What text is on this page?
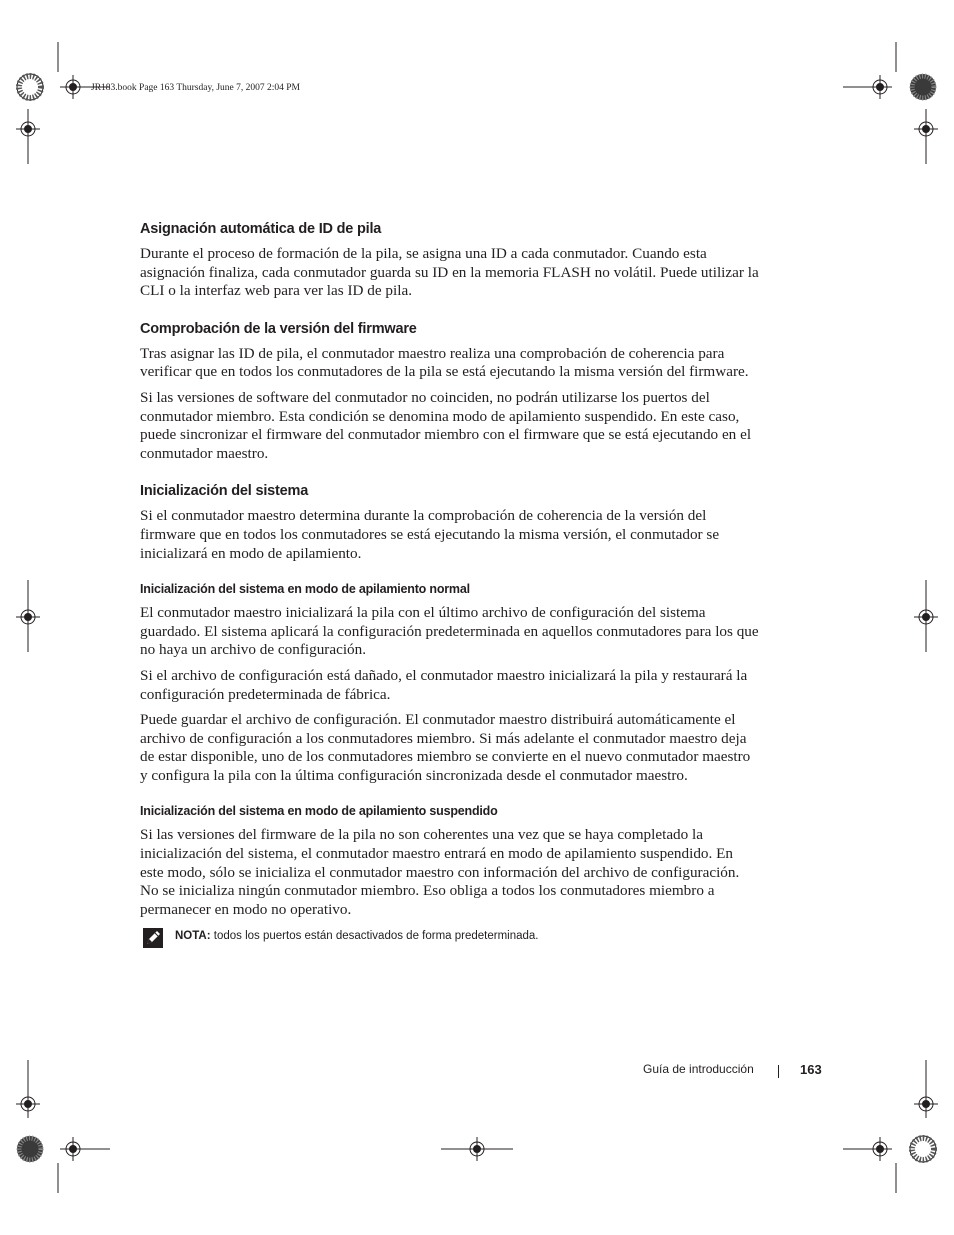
JR183.book Page 163 Thursday, June 7, 2007 2:04 PM
Asignación automática de ID de pila

Durante el proceso de formación de la pila, se asigna una ID a cada conmutador. Cuando esta asignación finaliza, cada conmutador guarda su ID en la memoria FLASH no volátil. Puede utilizar la CLI o la interfaz web para ver las ID de pila.

Comprobación de la versión del firmware

Tras asignar las ID de pila, el conmutador maestro realiza una comprobación de coherencia para verificar que en todos los conmutadores de la pila se está ejecutando la misma versión del firmware.

Si las versiones de software del conmutador no coinciden, no podrán utilizarse los puertos del conmutador miembro. Esta condición se denomina modo de apilamiento suspendido. En este caso, puede sincronizar el firmware del conmutador miembro con el firmware que se está ejecutando en el conmutador maestro.

Inicialización del sistema

Si el conmutador maestro determina durante la comprobación de coherencia de la versión del firmware que en todos los conmutadores se está ejecutando la misma versión, el conmutador se inicializará en modo de apilamiento.

Inicialización del sistema en modo de apilamiento normal

El conmutador maestro inicializará la pila con el último archivo de configuración del sistema guardado. El sistema aplicará la configuración predeterminada en aquellos conmutadores para los que no haya un archivo de configuración.

Si el archivo de configuración está dañado, el conmutador maestro inicializará la pila y restaurará la configuración predeterminada de fábrica.

Puede guardar el archivo de configuración. El conmutador maestro distribuirá automáticamente el archivo de configuración a los conmutadores miembro. Si más adelante el conmutador maestro deja de estar disponible, uno de los conmutadores miembro se convierte en el nuevo conmutador maestro y configura la pila con la última configuración sincronizada desde el conmutador maestro.

Inicialización del sistema en modo de apilamiento suspendido

Si las versiones del firmware de la pila no son coherentes una vez que se haya completado la inicialización del sistema, el conmutador maestro entrará en modo de apilamiento suspendido. En este modo, sólo se inicializa el conmutador maestro con información del archivo de configuración. No se inicializa ningún conmutador miembro. Eso obliga a todos los conmutadores miembro a permanecer en modo no operativo.

NOTA: todos los puertos están desactivados de forma predeterminada.
Guía de introducción	163
